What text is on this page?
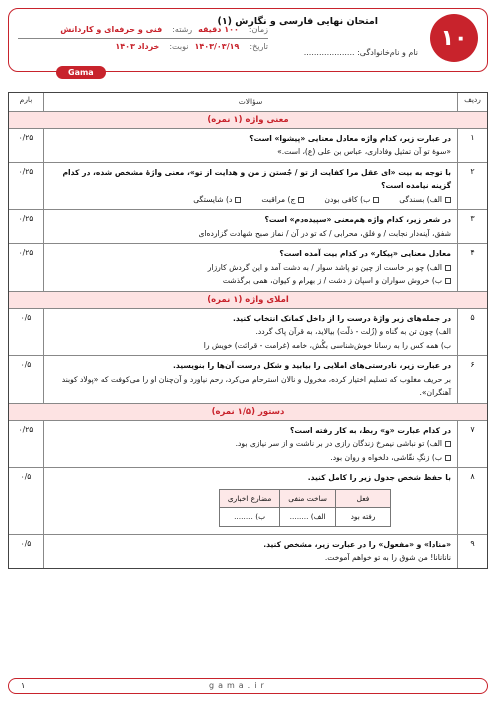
۱۰
امتحان نهایی فارسی و نگارش (۱)
نام و نام‌خانوادگی: ....................
زمان:
۱۰۰ دقیقه
رشته:
فنی و حرفه‌ای و کاردانش
تاریخ:
۱۴۰۳/۰۳/۱۹
نوبت:
خرداد ۱۴۰۳
Gama
ردیف
سؤالات
بارم
معنی واژه (۱ نمره)
۱
در عبارت زیر، کدام واژه معادل معنایی «پیشوا» است؟
«سوهٔ تو آن تمثیل وفاداری، عباس بن علی (ع)، است.»
۰/۲۵
۲
با توجه به بیت «ای عقل مرا کفایت از تو / جُستن ز من و هدایت از تو»، معنی واژهٔ مشخص شده، در کدام گزینه نیامده است؟
الف) بسندگی
ب) کافی بودن
ج) مراقبت
د) شایستگی
۰/۲۵
۳
در شعر زیر، کدام واژه هم‌معنی «سپیده‌دم» است؟
شفق، آینه‌دار نجابت / و فلق، محرابی / که تو در آن / نماز صبح شهادت گزارده‌ای
۰/۲۵
۴
معادل معنایی «پیکار» در کدام بیت آمده است؟
الف) چو بر خاست از چین تو پاشد سوار / به دشت آمد و این گردش کارزار
ب) خروش سواران و اسپان ز دشت / ز بهرام و کیوان، همی برگذشت
۰/۲۵
املای واژه (۱ نمره)
۵
در جمله‌های زیر واژهٔ درست را از داخل کمانک انتخاب کنید.
الف) چون تن به گناه و (زُلت - ذلّت) بیالاید، به قرآن پاک گردد.
ب) همه کس را به رسانا خوش‌شناسی بگُش، خامه (غرامت - قرائت) خویش را
۰/۵
۶
در عبارت زیر، نادرستی‌های املایی را بیابید و شکل درست آن‌ها را بنویسید.
بر حریف مغلوب که تسلیم اختیار کرده، مخرول و نالان استرحام می‌کرد، رحم نیاورد و آن‌چنان او را می‌کوفت که «پولاد کوبند آهنگران».
۰/۵
دستور (۱/۵ نمره)
۷
در کدام عبارت «و» ربط، به کار رفته است؟
الف) تو نباشی نیمرخ زندگان رازی در بر ناشت و از سر نیازی بود.
ب) زنگِ نقّاشی، دلخواه و روان بود.
۰/۲۵
۸
با حفظ شخص جدول زیر را کامل کنید.
فعل	ساخت منفی	مضارع اخباری
رفته بود	الف) ........	ب) ........
۰/۵
۹
«منادا» و «مفعول» را در عبارت زیر، مشخص کنید.
نانانانا! من شوق را به تو خواهم آموخت.
۰/۵
۱	gama.ir
